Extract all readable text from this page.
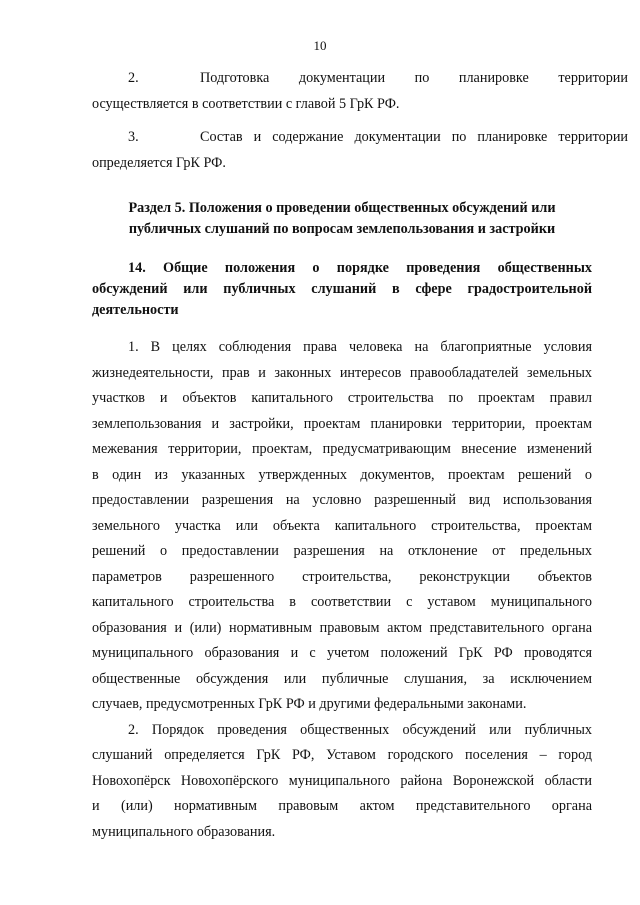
10
2.	Подготовка документации по планировке территории
осуществляется в соответствии с главой 5 ГрК РФ.
3.	Состав и содержание документации по планировке территории
определяется ГрК РФ.
Раздел 5. Положения о проведении общественных обсуждений или
публичных слушаний по вопросам землепользования и застройки
14. Общие положения о порядке проведения общественных
обсуждений или публичных слушаний в сфере градостроительной
деятельности
1. В целях соблюдения права человека на благоприятные условия
жизнедеятельности, прав и законных интересов правообладателей земельных
участков и объектов капитального строительства по проектам правил
землепользования и застройки, проектам планировки территории, проектам
межевания территории, проектам, предусматривающим внесение изменений
в один из указанных утвержденных документов, проектам решений о
предоставлении разрешения на условно разрешенный вид использования
земельного участка или объекта капитального строительства, проектам
решений о предоставлении разрешения на отклонение от предельных
параметров разрешенного строительства, реконструкции объектов
капитального строительства в соответствии с уставом муниципального
образования и (или) нормативным правовым актом представительного органа
муниципального образования и с учетом положений ГрК РФ проводятся
общественные обсуждения или публичные слушания, за исключением
случаев, предусмотренных ГрК РФ и другими федеральными законами.
2. Порядок проведения общественных обсуждений или публичных
слушаний определяется ГрК РФ, Уставом городского поселения – город
Новохопёрск Новохопёрского муниципального района Воронежской области
и (или) нормативным правовым актом представительного органа
муниципального образования.
